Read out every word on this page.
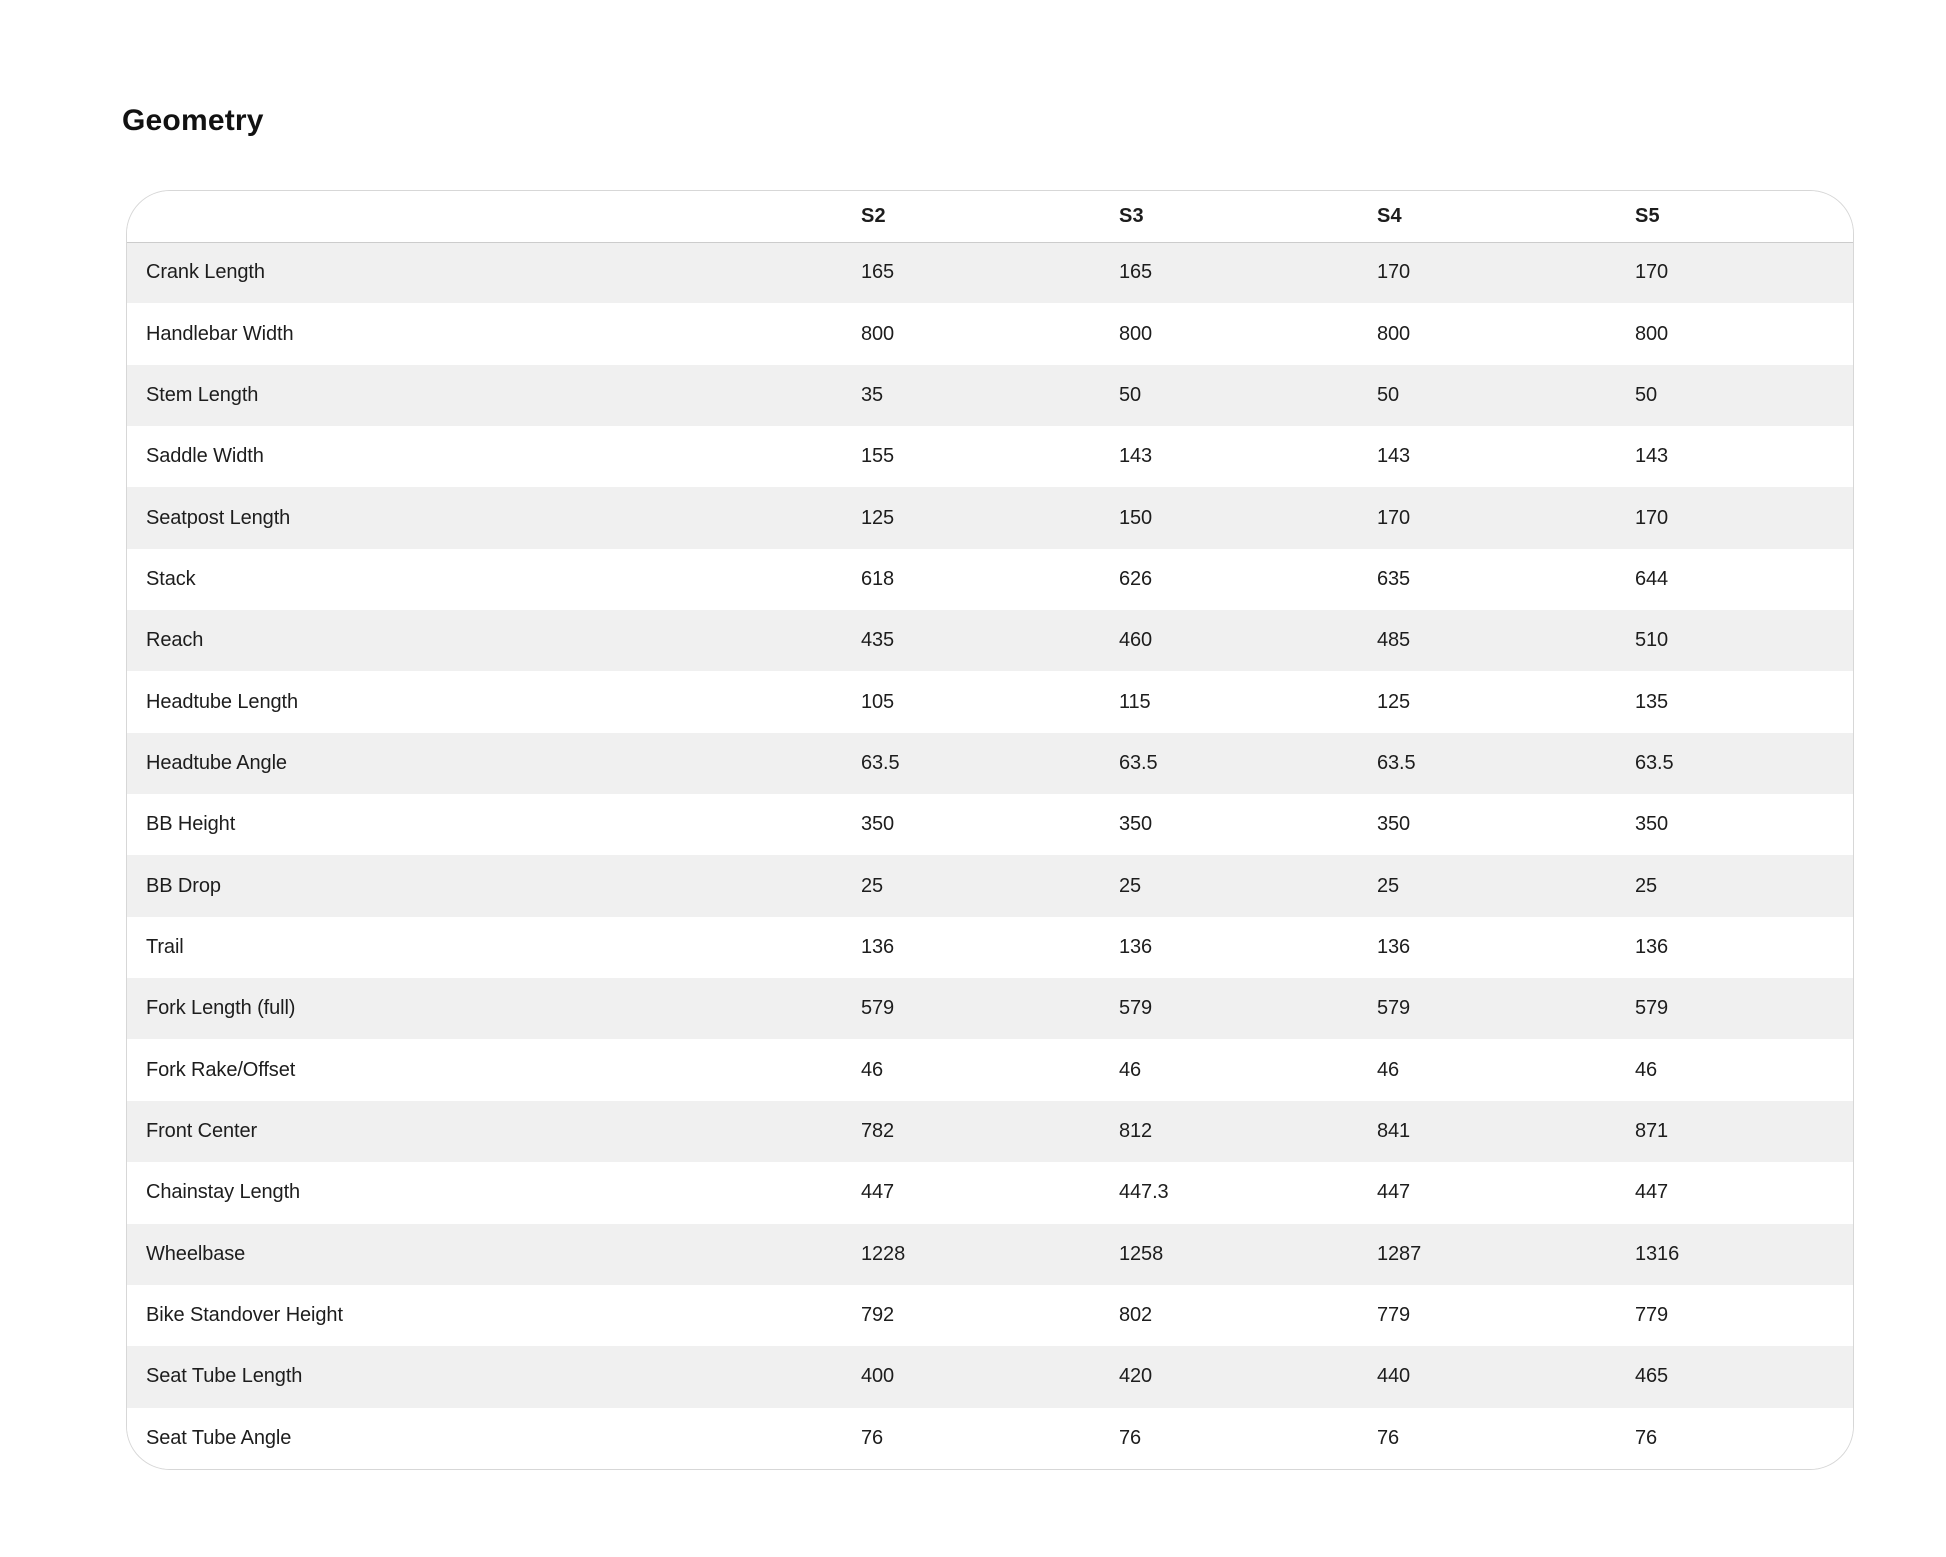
Geometry
	S2	S3	S4	S5
Crank Length	165	165	170	170
Handlebar Width	800	800	800	800
Stem Length	35	50	50	50
Saddle Width	155	143	143	143
Seatpost Length	125	150	170	170
Stack	618	626	635	644
Reach	435	460	485	510
Headtube Length	105	115	125	135
Headtube Angle	63.5	63.5	63.5	63.5
BB Height	350	350	350	350
BB Drop	25	25	25	25
Trail	136	136	136	136
Fork Length (full)	579	579	579	579
Fork Rake/Offset	46	46	46	46
Front Center	782	812	841	871
Chainstay Length	447	447.3	447	447
Wheelbase	1228	1258	1287	1316
Bike Standover Height	792	802	779	779
Seat Tube Length	400	420	440	465
Seat Tube Angle	76	76	76	76
